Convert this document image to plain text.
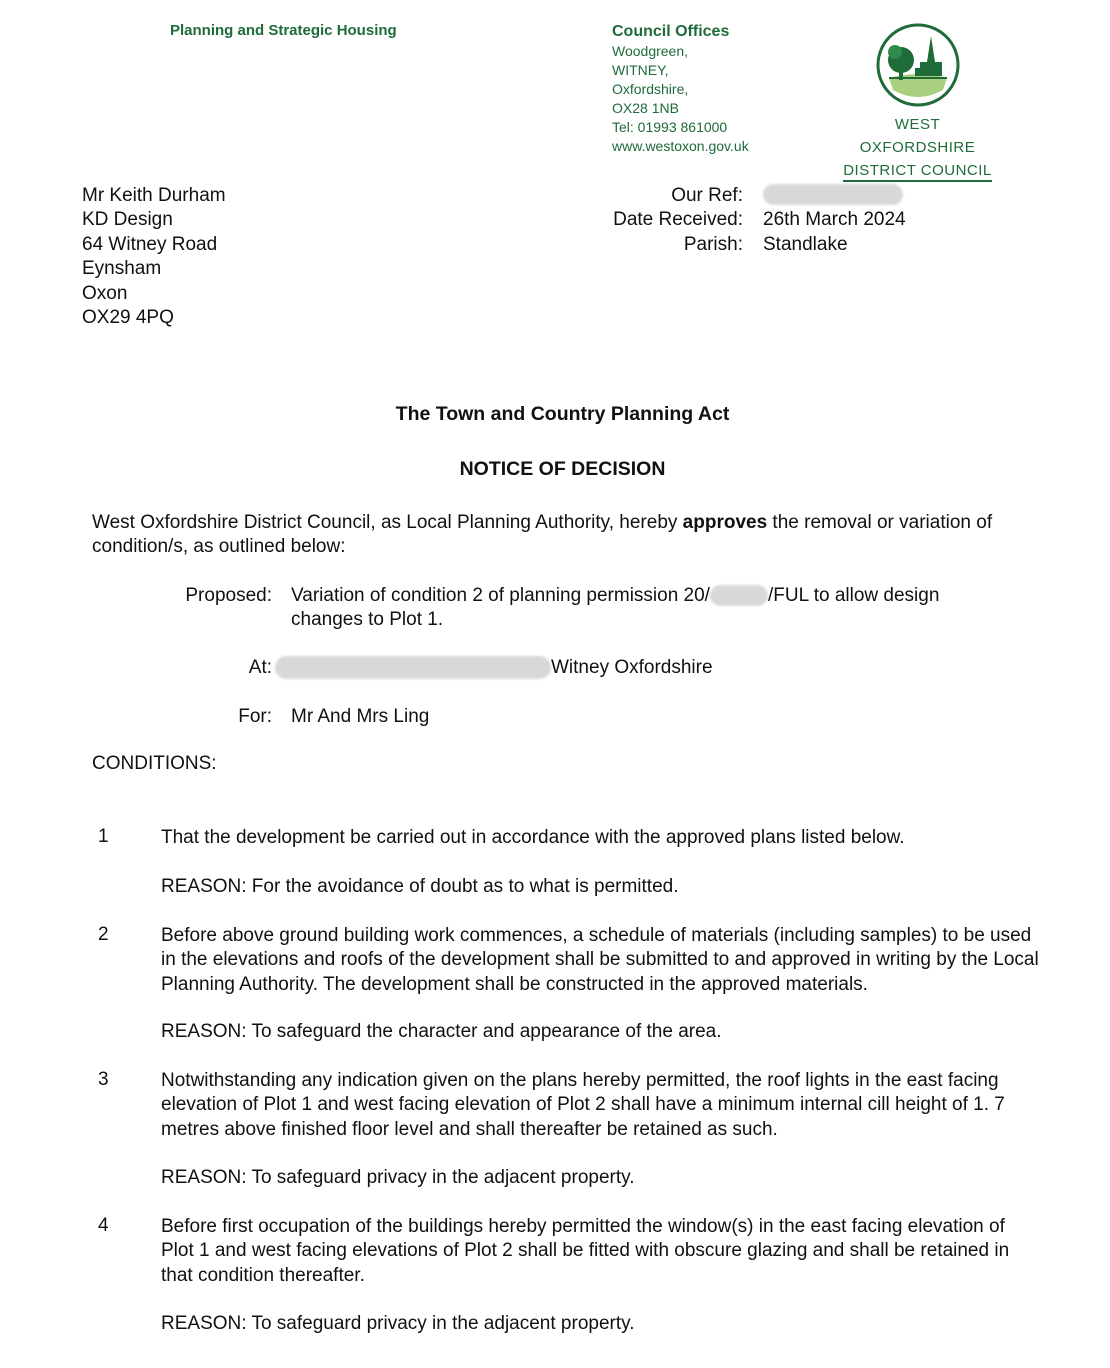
Planning and Strategic Housing	Council Offices
Woodgreen,
WITNEY,
Oxfordshire,
OX28 1NB
Tel: 01993 861000
www.westoxon.gov.uk
WEST OXFORDSHIRE
DISTRICT COUNCIL
Mr Keith Durham
KD Design
64 Witney Road
Eynsham
Oxon
OX29 4PQ
Our Ref:
Date Received:	26th March 2024
Parish:	Standlake
The Town and Country Planning Act
NOTICE OF DECISION
West Oxfordshire District Council, as Local Planning Authority, hereby approves the removal or variation of condition/s, as outlined below:
Proposed: Variation of condition 2 of planning permission 20/	/FUL to allow design
changes to Plot 1.
At:	Witney Oxfordshire
For: Mr And Mrs Ling
CONDITIONS:
1	That the development be carried out in accordance with the approved plans listed below.
REASON: For the avoidance of doubt as to what is permitted.
2	Before above ground building work commences, a schedule of materials (including samples) to be used in the elevations and roofs of the development shall be submitted to and approved in writing by the Local Planning Authority. The development shall be constructed in the approved materials.
REASON: To safeguard the character and appearance of the area.
3	Notwithstanding any indication given on the plans hereby permitted, the roof lights in the east facing elevation of Plot 1 and west facing elevation of Plot 2 shall have a minimum internal cill height of 1. 7 metres above finished floor level and shall thereafter be retained as such.
REASON: To safeguard privacy in the adjacent property.
4	Before first occupation of the buildings hereby permitted the window(s) in the east facing elevation of Plot 1 and west facing elevations of Plot 2 shall be fitted with obscure glazing and shall be retained in that condition thereafter.
REASON: To safeguard privacy in the adjacent property.
